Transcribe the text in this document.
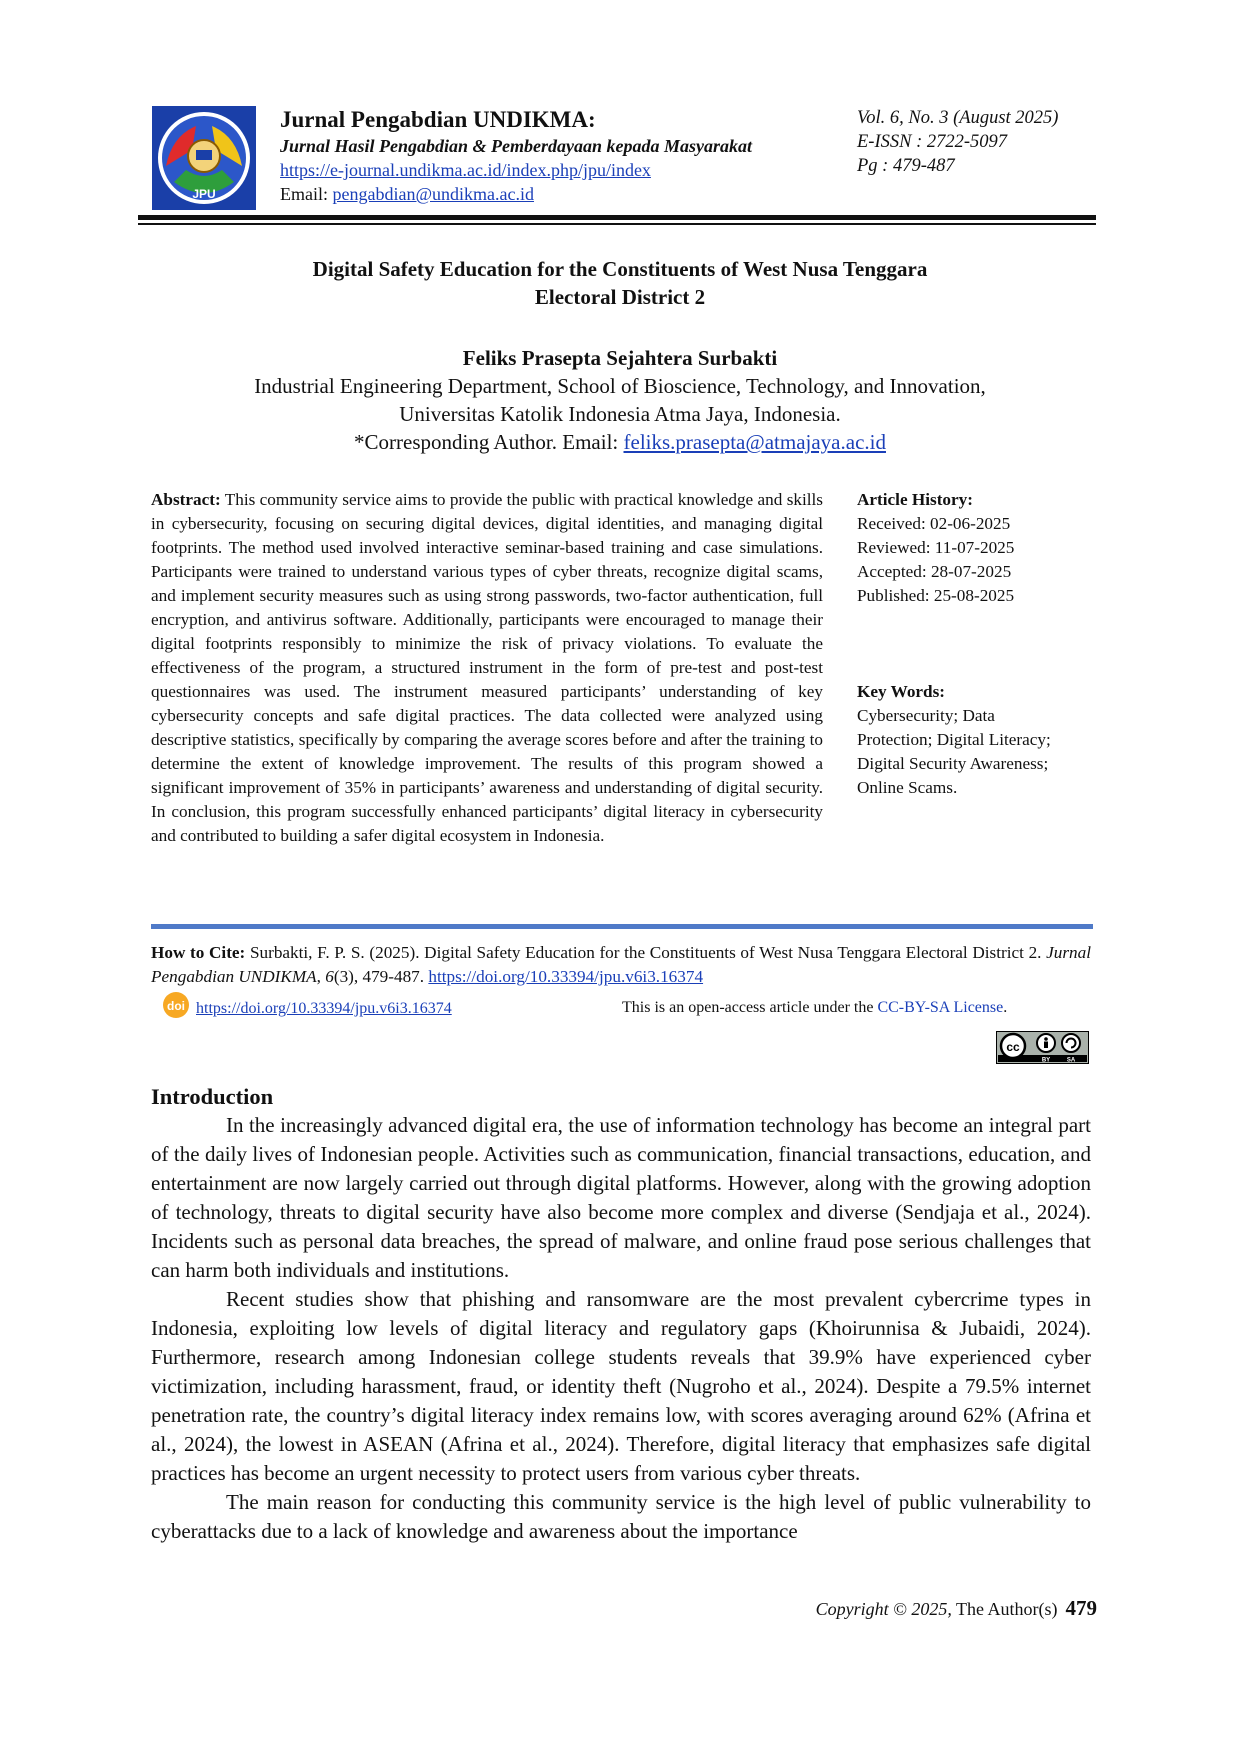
JPU
Jurnal Pengabdian UNDIKMA:
Jurnal Hasil Pengabdian & Pemberdayaan kepada Masyarakat
https://e-journal.undikma.ac.id/index.php/jpu/index
Email: pengabdian@undikma.ac.id
Vol. 6, No. 3 (August 2025)
E-ISSN : 2722-5097
Pg : 479-487
Digital Safety Education for the Constituents of West Nusa Tenggara
Electoral District 2
Feliks Prasepta Sejahtera Surbakti
Industrial Engineering Department, School of Bioscience, Technology, and Innovation,
Universitas Katolik Indonesia Atma Jaya, Indonesia.
*Corresponding Author. Email: feliks.prasepta@atmajaya.ac.id
Abstract: This community service aims to provide the public with practical knowledge and skills in cybersecurity, focusing on securing digital devices, digital identities, and managing digital footprints. The method used involved interactive seminar-based training and case simulations. Participants were trained to understand various types of cyber threats, recognize digital scams, and implement security measures such as using strong passwords, two-factor authentication, full encryption, and antivirus software. Additionally, participants were encouraged to manage their digital footprints responsibly to minimize the risk of privacy violations. To evaluate the effectiveness of the program, a structured instrument in the form of pre-test and post-test questionnaires was used. The instrument measured participants’ understanding of key cybersecurity concepts and safe digital practices. The data collected were analyzed using descriptive statistics, specifically by comparing the average scores before and after the training to determine the extent of knowledge improvement. The results of this program showed a significant improvement of 35% in participants’ awareness and understanding of digital security. In conclusion, this program successfully enhanced participants’ digital literacy in cybersecurity and contributed to building a safer digital ecosystem in Indonesia.
Article History:
Received: 02-06-2025
Reviewed: 11-07-2025
Accepted: 28-07-2025
Published: 25-08-2025
Key Words:
Cybersecurity; Data Protection; Digital Literacy; Digital Security Awareness; Online Scams.
How to Cite: Surbakti, F. P. S. (2025). Digital Safety Education for the Constituents of West Nusa Tenggara Electoral District 2. Jurnal Pengabdian UNDIKMA, 6(3), 479-487. https://doi.org/10.33394/jpu.v6i3.16374
doi https://doi.org/10.33394/jpu.v6i3.16374	This is an open-access article under the CC-BY-SA License.
cc
BY	SA
Introduction

In the increasingly advanced digital era, the use of information technology has become an integral part of the daily lives of Indonesian people. Activities such as communication, financial transactions, education, and entertainment are now largely carried out through digital platforms. However, along with the growing adoption of technology, threats to digital security have also become more complex and diverse (Sendjaja et al., 2024). Incidents such as personal data breaches, the spread of malware, and online fraud pose serious challenges that can harm both individuals and institutions.

Recent studies show that phishing and ransomware are the most prevalent cybercrime types in Indonesia, exploiting low levels of digital literacy and regulatory gaps (Khoirunnisa & Jubaidi, 2024). Furthermore, research among Indonesian college students reveals that 39.9% have experienced cyber victimization, including harassment, fraud, or identity theft (Nugroho et al., 2024). Despite a 79.5% internet penetration rate, the country’s digital literacy index remains low, with scores averaging around 62% (Afrina et al., 2024), the lowest in ASEAN (Afrina et al., 2024). Therefore, digital literacy that emphasizes safe digital practices has become an urgent necessity to protect users from various cyber threats.

The main reason for conducting this community service is the high level of public vulnerability to cyberattacks due to a lack of knowledge and awareness about the importance

Copyright © 2025, The Author(s) 479
